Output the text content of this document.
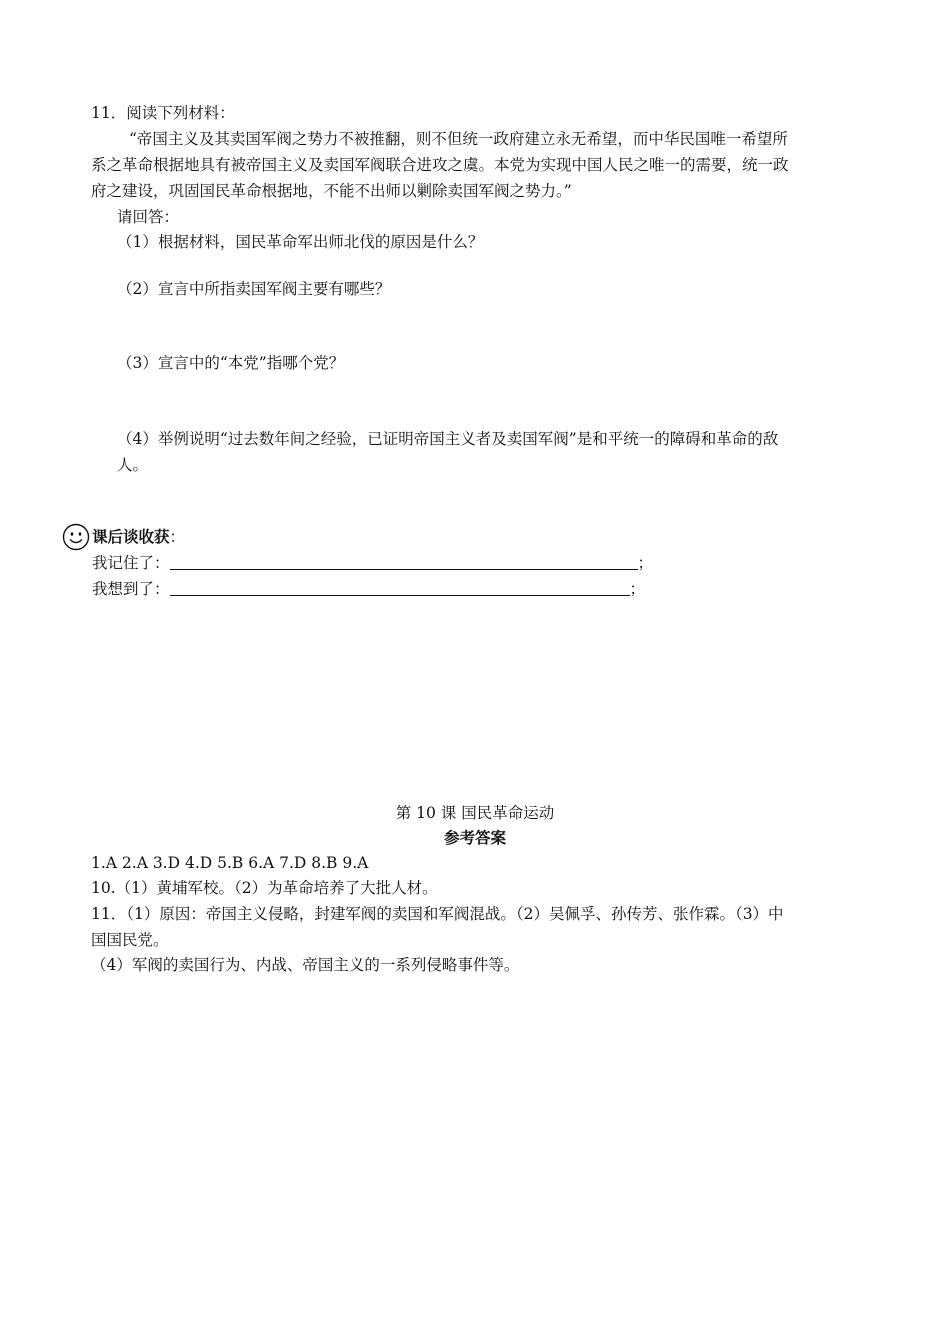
11．阅读下列材料：
“帝国主义及其卖国军阀之势力不被推翻，则不但统一政府建立永无希望，而中华民国唯一希望所
系之革命根据地具有被帝国主义及卖国军阀联合进攻之虞。本党为实现中国人民之唯一的需要，统一政
府之建设，巩固国民革命根据地，不能不出师以剿除卖国军阀之势力。”
请回答：
（1）根据材料，国民革命军出师北伐的原因是什么？
（2）宣言中所指卖国军阀主要有哪些？
（3）宣言中的“本党”指哪个党？
（4）举例说明“过去数年间之经验，已证明帝国主义者及卖国军阀”是和平统一的障碍和革命的敌
人。
课后谈收获：
我记住了：	；
我想到了：	；
第 10 课 国民革命运动
参考答案
1.A 2.A 3.D 4.D 5.B 6.A 7.D 8.B 9.A
10.（1）黄埔军校。（2）为革命培养了大批人材。
11．（1）原因：帝国主义侵略，封建军阀的卖国和军阀混战。（2）吴佩孚、孙传芳、张作霖。（3）中
国国民党。
（4）军阀的卖国行为、内战、帝国主义的一系列侵略事件等。
